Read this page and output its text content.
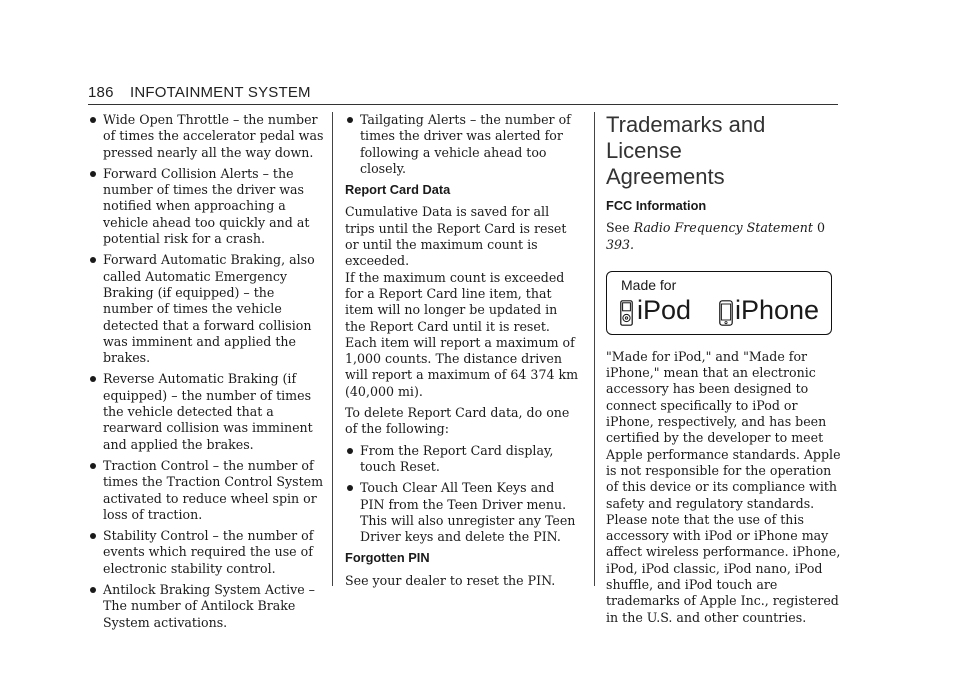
186 INFOTAINMENT SYSTEM
Wide Open Throttle – the number of times the accelerator pedal was pressed nearly all the way down.
Forward Collision Alerts – the number of times the driver was notified when approaching a vehicle ahead too quickly and at potential risk for a crash.
Forward Automatic Braking, also called Automatic Emergency Braking (if equipped) – the number of times the vehicle detected that a forward collision was imminent and applied the brakes.
Reverse Automatic Braking (if equipped) – the number of times the vehicle detected that a rearward collision was imminent and applied the brakes.
Traction Control – the number of times the Traction Control System activated to reduce wheel spin or loss of traction.
Stability Control – the number of events which required the use of electronic stability control.
Antilock Braking System Active – The number of Antilock Brake System activations.
Tailgating Alerts – the number of times the driver was alerted for following a vehicle ahead too closely.
Report Card Data

Cumulative Data is saved for all trips until the Report Card is reset or until the maximum count is exceeded.

If the maximum count is exceeded for a Report Card line item, that item will no longer be updated in the Report Card until it is reset. Each item will report a maximum of 1,000 counts. The distance driven will report a maximum of 64 374 km (40,000 mi).

To delete Report Card data, do one of the following:

From the Report Card display, touch Reset.
Touch Clear All Teen Keys and PIN from the Teen Driver menu. This will also unregister any Teen Driver keys and delete the PIN.
Forgotten PIN

See your dealer to reset the PIN.

Trademarks and License
Agreements
FCC Information

See Radio Frequency Statement 0 393.

Made for
iPod iPhone

"Made for iPod," and "Made for iPhone," mean that an electronic accessory has been designed to connect specifically to iPod or iPhone, respectively, and has been certified by the developer to meet Apple performance standards. Apple is not responsible for the operation of this device or its compliance with safety and regulatory standards. Please note that the use of this accessory with iPod or iPhone may affect wireless performance. iPhone, iPod, iPod classic, iPod nano, iPod shuffle, and iPod touch are trademarks of Apple Inc., registered in the U.S. and other countries.
